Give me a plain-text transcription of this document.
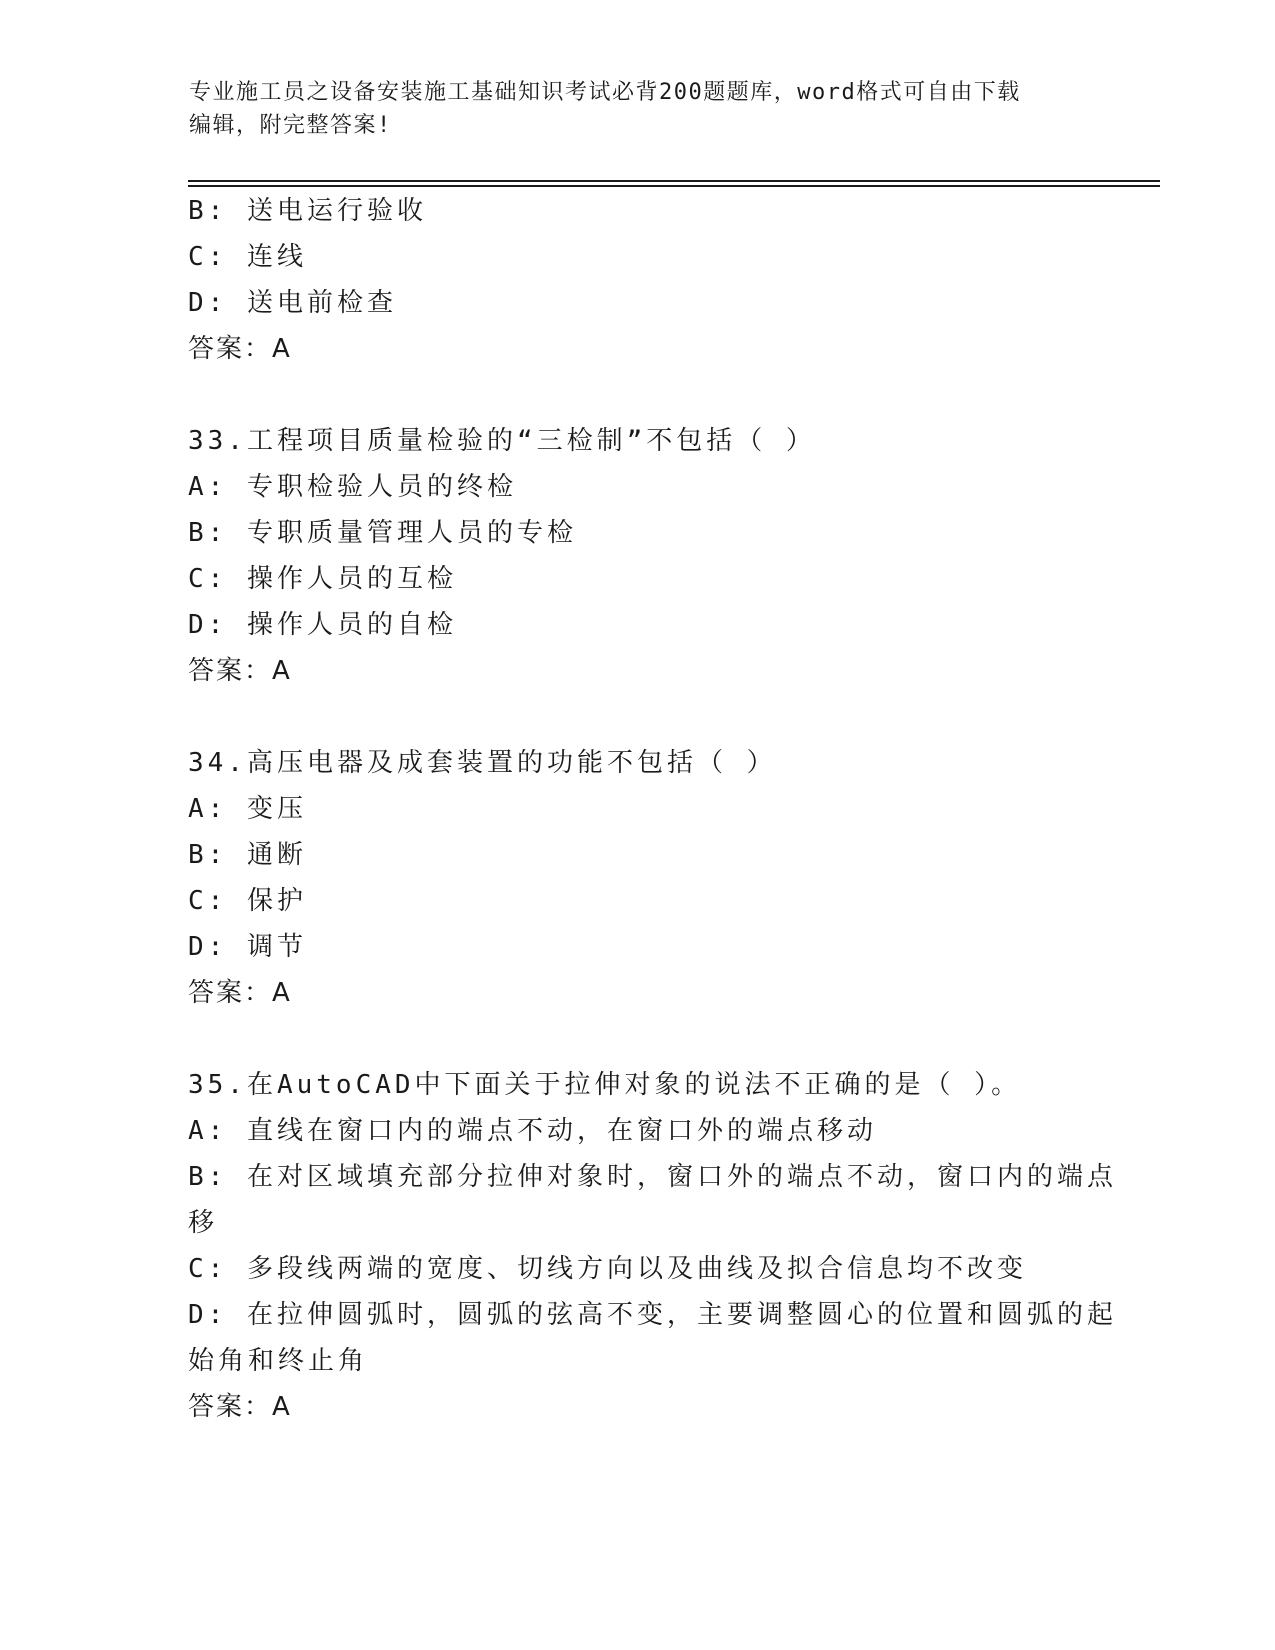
专业施工员之设备安装施工基础知识考试必背200题题库，word格式可自由下载
编辑，附完整答案!
B: 送电运行验收
C: 连线
D: 送电前检查
答案：A
33.工程项目质量检验的“三检制”不包括（ ）
A: 专职检验人员的终检
B: 专职质量管理人员的专检
C: 操作人员的互检
D: 操作人员的自检
答案：A
34.高压电器及成套装置的功能不包括（ ）
A: 变压
B: 通断
C: 保护
D: 调节
答案：A
35.在AutoCAD中下面关于拉伸对象的说法不正确的是（ ）。
A: 直线在窗口内的端点不动，在窗口外的端点移动
B: 在对区域填充部分拉伸对象时，窗口外的端点不动，窗口内的端点
移
C: 多段线两端的宽度、切线方向以及曲线及拟合信息均不改变
D: 在拉伸圆弧时，圆弧的弦高不变，主要调整圆心的位置和圆弧的起
始角和终止角
答案：A
